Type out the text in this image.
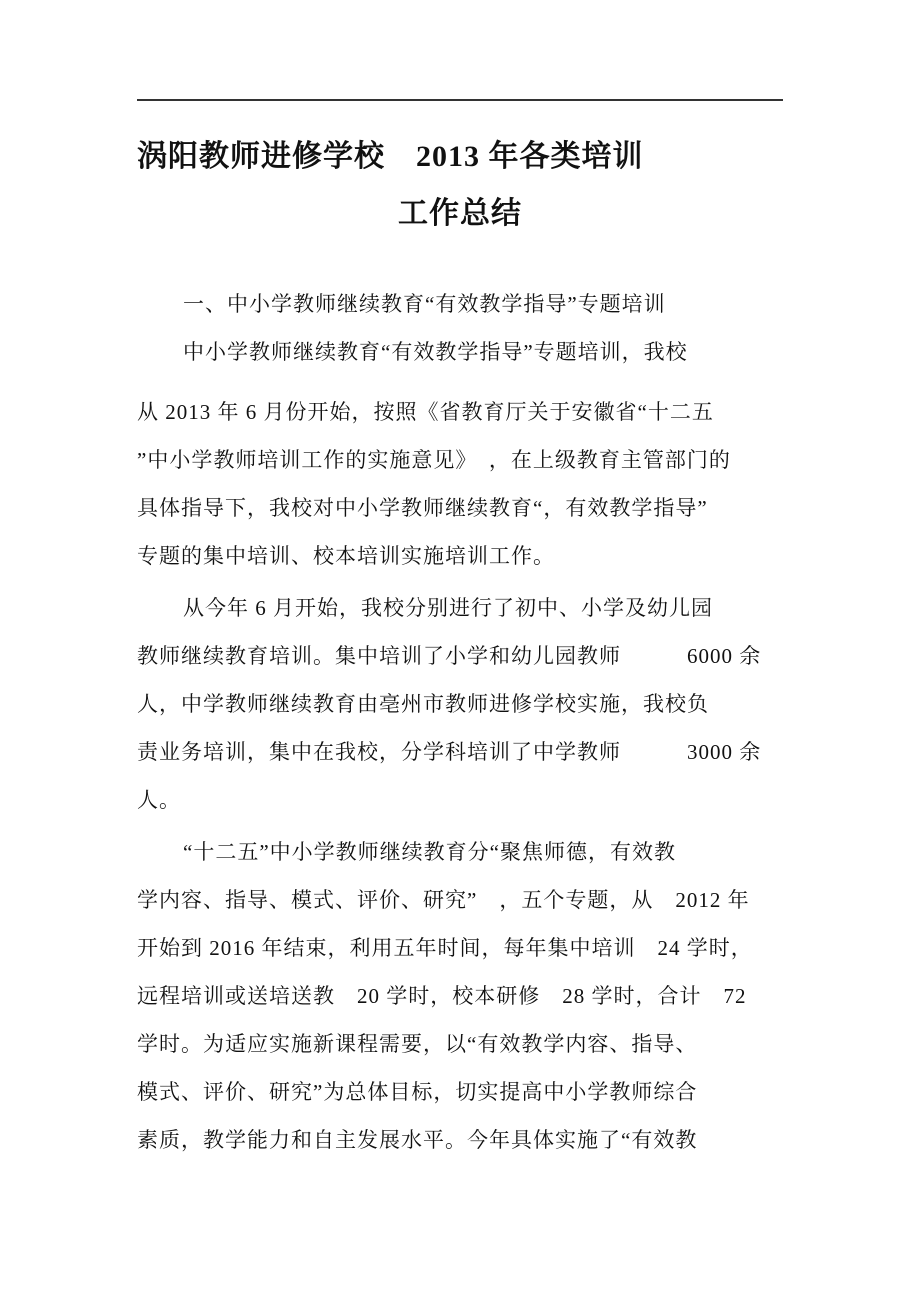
涡阳教师进修学校　2013 年各类培训
工作总结
一、中小学教师继续教育“有效教学指导”专题培训
中小学教师继续教育“有效教学指导”专题培训，我校
从 2013 年 6 月份开始，按照《省教育厅关于安徽省“十二五
”中小学教师培训工作的实施意见》　，在上级教育主管部门的
具体指导下，我校对中小学教师继续教育“，有效教学指导”
专题的集中培训、校本培训实施培训工作。
从今年 6 月开始，我校分别进行了初中、小学及幼儿园
教师继续教育培训。集中培训了小学和幼儿园教师　　　6000 余
人，中学教师继续教育由亳州市教师进修学校实施，我校负
责业务培训，集中在我校，分学科培训了中学教师　　　3000 余
人。
“十二五”中小学教师继续教育分“聚焦师德，有效教
学内容、指导、模式、评价、研究”　，五个专题，从　2012 年
开始到 2016 年结束，利用五年时间，每年集中培训　24 学时，
远程培训或送培送教　20 学时，校本研修　28 学时，合计　72
学时。为适应实施新课程需要，以“有效教学内容、指导、
模式、评价、研究”为总体目标，切实提高中小学教师综合
素质，教学能力和自主发展水平。今年具体实施了“有效教
